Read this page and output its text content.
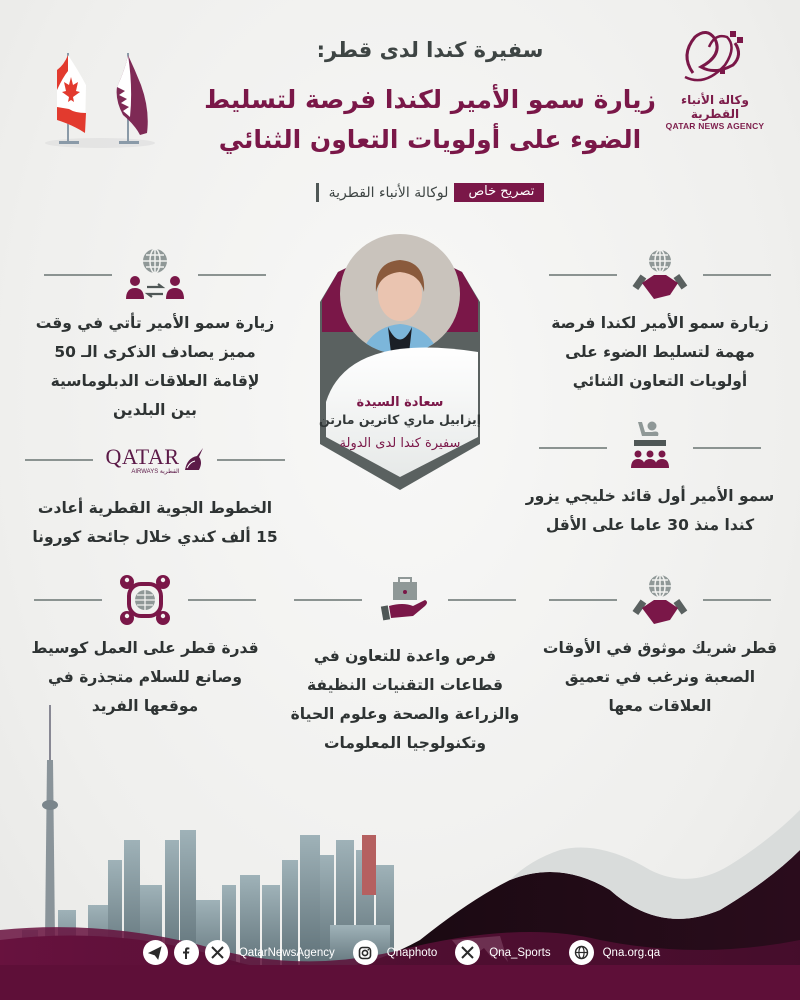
وكالة الأنباء القطرية
QATAR NEWS AGENCY
سفيرة كندا لدى قطر:
زيارة سمو الأمير لكندا فرصة لتسليط
الضوء على أولويات التعاون الثنائي
تصريح خاص
لوكالة الأنباء القطرية
سعادة السيدة
إيزابيل ماري كاترين مارتن
سفيرة كندا لدى الدولة
زيارة سمو الأمير لكندا فرصة
مهمة لتسليط الضوء على
أولويات التعاون الثنائي
زيارة سمو الأمير تأتي في وقت
مميز يصادف الذكرى الـ 50
لإقامة العلاقات الدبلوماسية
بين البلدين
سمو الأمير أول قائد خليجي يزور
كندا منذ 30 عاما على الأقل
QATAR
AIRWAYS القطرية
الخطوط الجوية القطرية أعادت
15 ألف كندي خلال جائحة كورونا
قطر شريك موثوق في الأوقات
الصعبة ونرغب في تعميق
العلاقات معها
فرص واعدة للتعاون في
قطاعات التقنيات النظيفة
والزراعة والصحة وعلوم الحياة
وتكنولوجيا المعلومات
قدرة قطر على العمل كوسيط
وصانع للسلام متجذرة في
موقعها الفريد
QatarNewsAgency	Qnaphoto	Qna_Sports	Qna.org.qa
